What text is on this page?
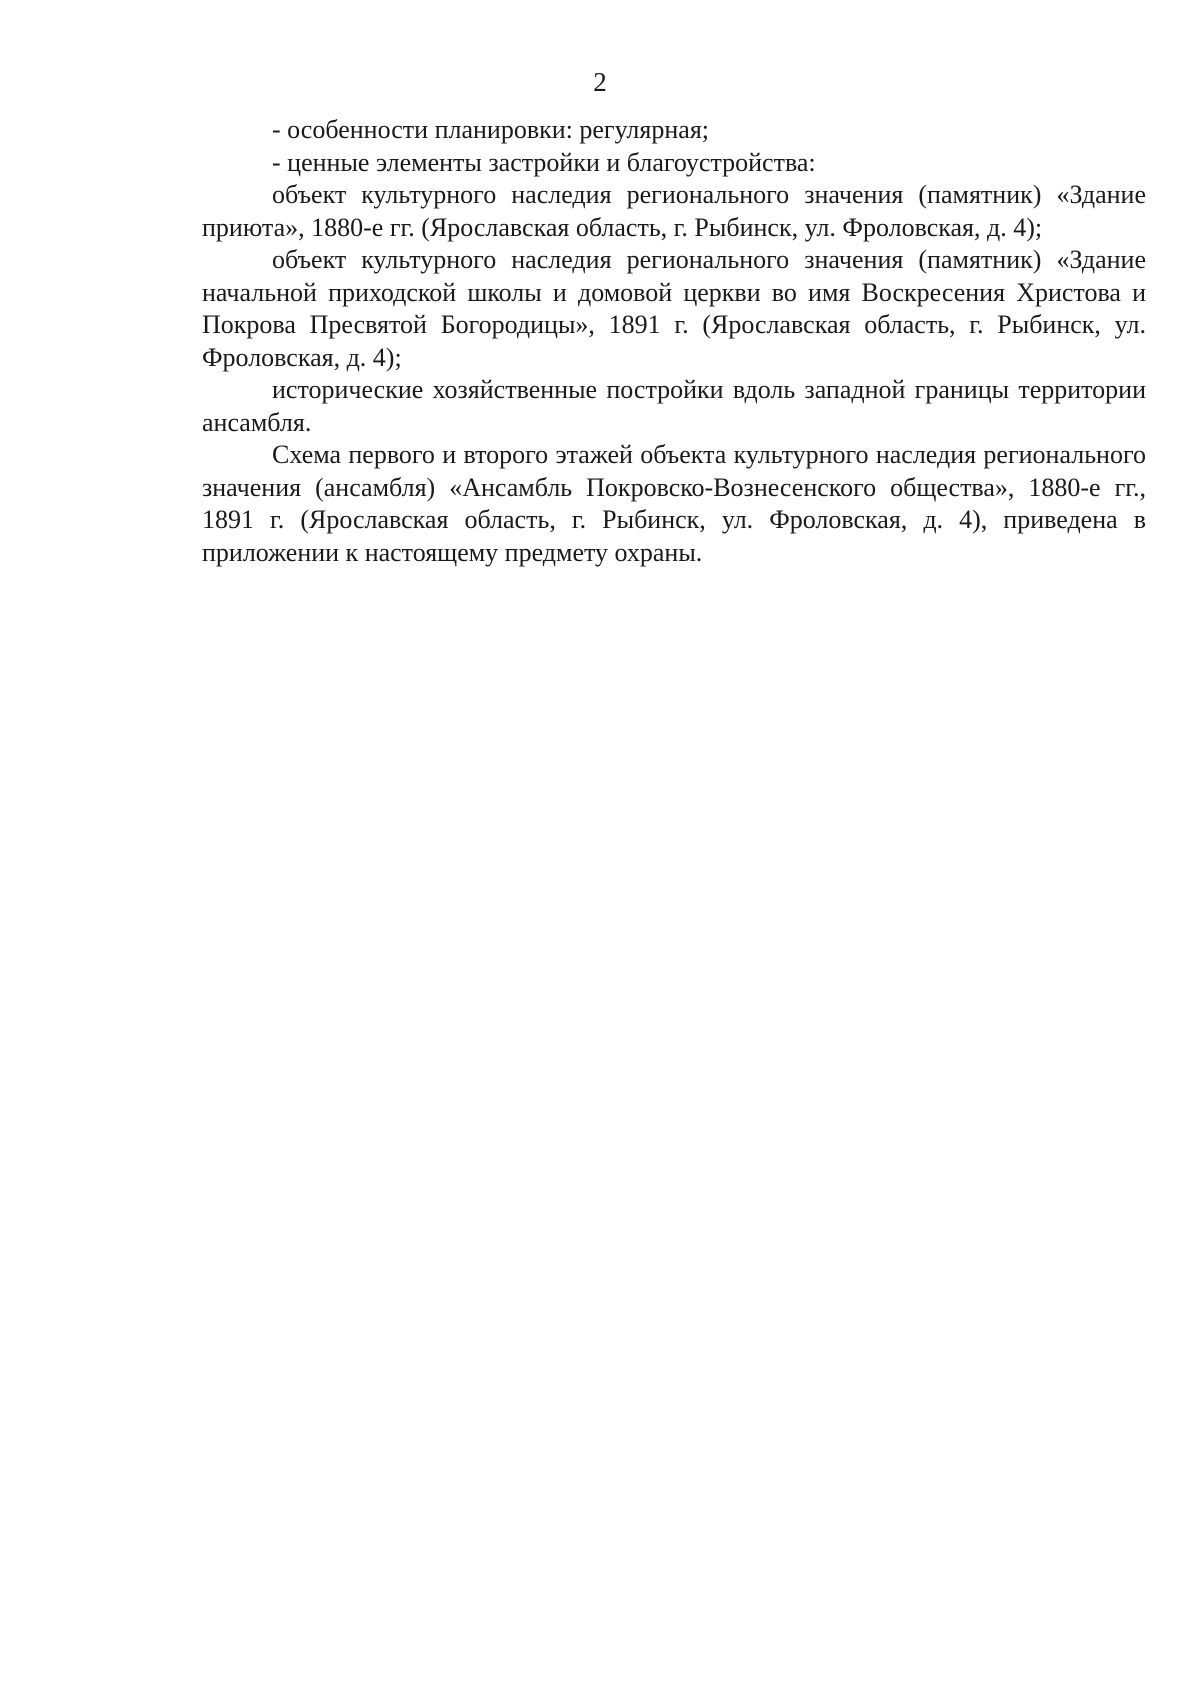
2

- особенности планировки: регулярная;

- ценные элементы застройки и благоустройства:

объект культурного наследия регионального значения (памятник) «Здание приюта», 1880-е гг. (Ярославская область, г. Рыбинск, ул. Фроловская, д. 4);

объект культурного наследия регионального значения (памятник) «Здание начальной приходской школы и домовой церкви во имя Воскресения Христова и Покрова Пресвятой Богородицы», 1891 г. (Ярославская область, г. Рыбинск, ул. Фроловская, д. 4);

исторические хозяйственные постройки вдоль западной границы территории ансамбля.

Схема первого и второго этажей объекта культурного наследия регионального значения (ансамбля) «Ансамбль Покровско-Вознесенского общества», 1880-е гг., 1891 г. (Ярославская область, г. Рыбинск, ул. Фроловская, д. 4), приведена в приложении к настоящему предмету охраны.
